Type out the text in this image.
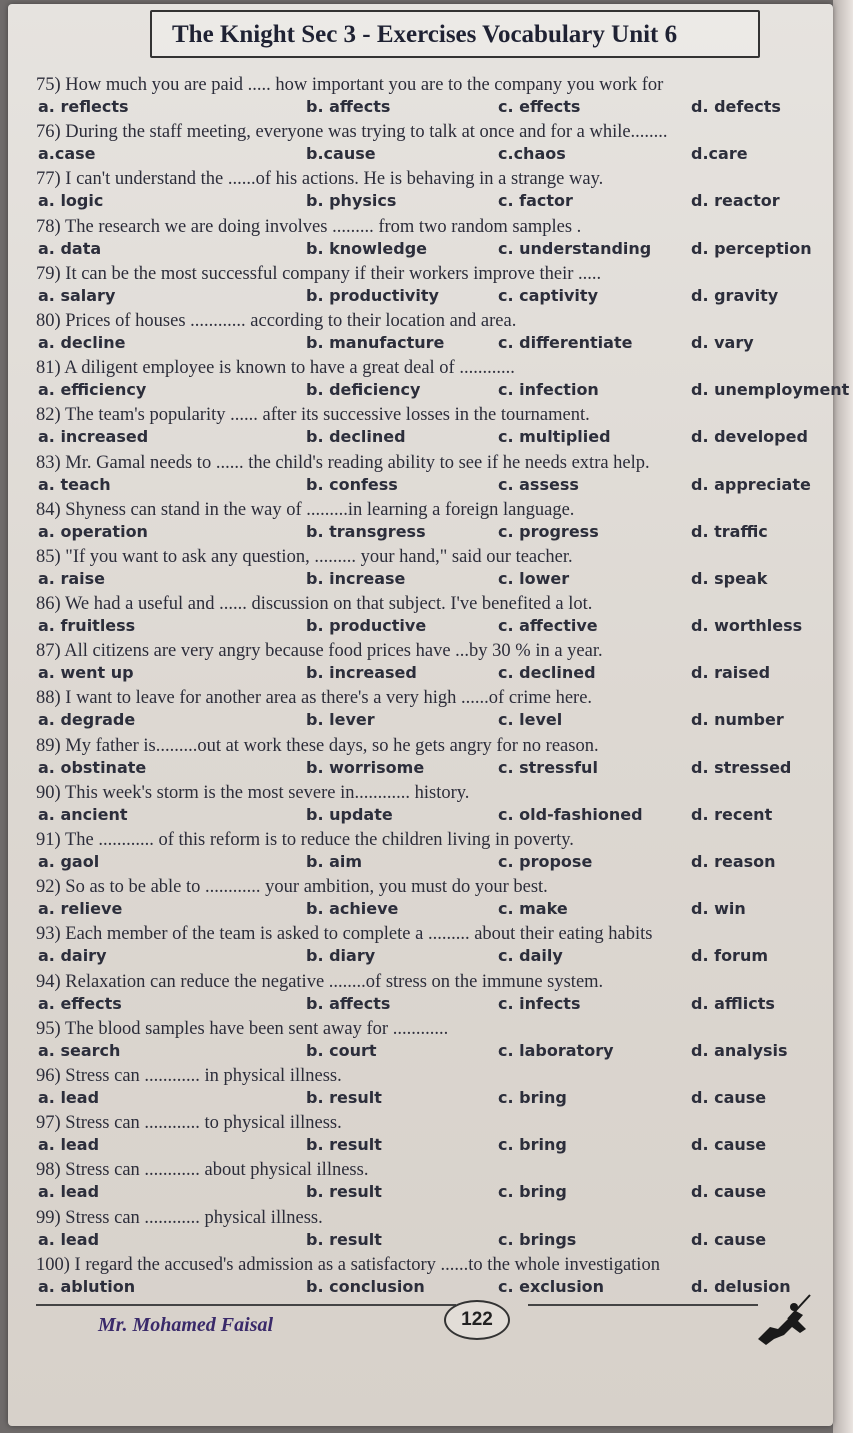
The Knight Sec 3 - Exercises Vocabulary Unit 6
75) How much you are paid ..... how important you are to the company you work for
a. reflects	b. affects	c. effects	d. defects
76) During the staff meeting, everyone was trying to talk at once and for a while........
a.case	b.cause	c.chaos	d.care
77) I can't understand the ......of his actions. He is behaving in a strange way.
a. logic	b. physics	c. factor	d. reactor
78) The research we are doing involves ......... from two random samples .
a. data	b. knowledge	c. understanding d. perception
79) It can be the most successful company if their workers improve their .....
a. salary	b. productivity	c. captivity	d. gravity
80) Prices of houses ............ according to their location and area.
a. decline	b. manufacture	c. differentiate	d. vary
81) A diligent employee is known to have a great deal of ............
a. efficiency	b. deficiency	c. infection	d. unemployment
82) The team's popularity ...... after its successive losses in the tournament.
a. increased	b. declined	c. multiplied	d. developed
83) Mr. Gamal needs to ...... the child's reading ability to see if he needs extra help.
a. teach	b. confess	c. assess	d. appreciate
84) Shyness can stand in the way of .........in learning a foreign language.
a. operation	b. transgress	c. progress	d. traffic
85) "If you want to ask any question, ......... your hand," said our teacher.
a. raise	b. increase	c. lower	d. speak
86) We had a useful and ...... discussion on that subject. I've benefited a lot.
a. fruitless	b. productive	c. affective	d. worthless
87) All citizens are very angry because food prices have ...by 30 % in a year.
a. went up	b. increased	c. declined	d. raised
88) I want to leave for another area as there's a very high ......of crime here.
a. degrade	b. lever	c. level	d. number
89) My father is.........out at work these days, so he gets angry for no reason.
a. obstinate	b. worrisome	c. stressful	d. stressed
90) This week's storm is the most severe in............ history.
a. ancient	b. update	c. old-fashioned	d. recent
91) The ............ of this reform is to reduce the children living in poverty.
a. gaol	b. aim	c. propose	d. reason
92) So as to be able to ............ your ambition, you must do your best.
a. relieve	b. achieve	c. make	d. win
93) Each member of the team is asked to complete a ......... about their eating habits
a. dairy	b. diary	c. daily	d. forum
94) Relaxation can reduce the negative ........of stress on the immune system.
a. effects	b. affects	c. infects	d. afflicts
95) The blood samples have been sent away for ............
a. search	b. court	c. laboratory	d. analysis
96) Stress can ............ in physical illness.
a. lead	b. result	c. bring	d. cause
97) Stress can ............ to physical illness.
a. lead	b. result	c. bring	d. cause
98) Stress can ............ about physical illness.
a. lead	b. result	c. bring	d. cause
99) Stress can ............ physical illness.
a. lead	b. result	c. brings	d. cause
100) I regard the accused's admission as a satisfactory ......to the whole investigation
a. ablution	b. conclusion	c. exclusion	d. delusion
Mr. Mohamed Faisal	122
